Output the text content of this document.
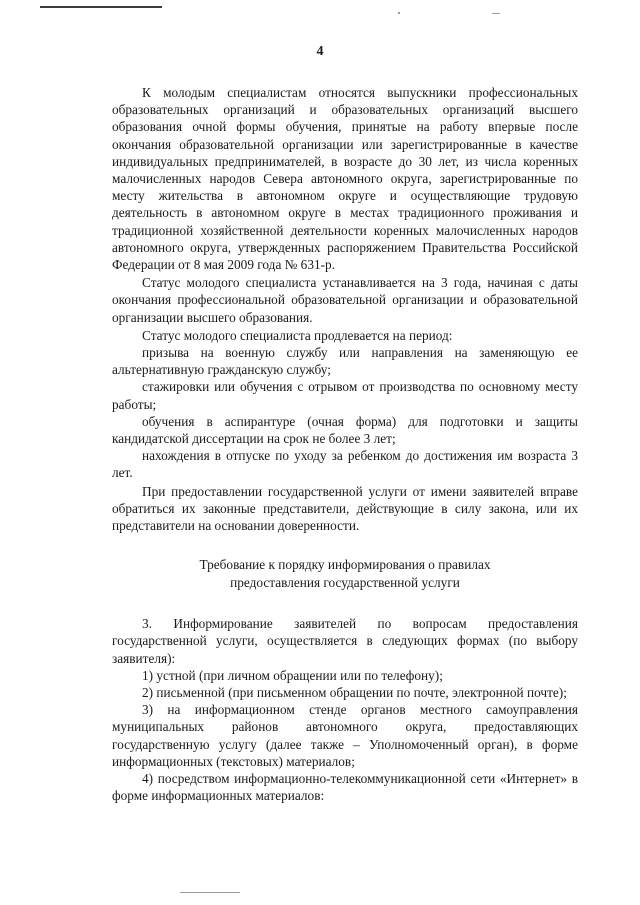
4

К молодым специалистам относятся выпускники профессиональных образовательных организаций и образовательных организаций высшего образования очной формы обучения, принятые на работу впервые после окончания образовательной организации или зарегистрированные в качестве индивидуальных предпринимателей, в возрасте до 30 лет, из числа коренных малочисленных народов Севера автономного округа, зарегистрированные по месту жительства в автономном округе и осуществляющие трудовую деятельность в автономном округе в местах традиционного проживания и традиционной хозяйственной деятельности коренных малочисленных народов автономного округа, утвержденных распоряжением Правительства Российской Федерации от 8 мая 2009 года № 631-р.

Статус молодого специалиста устанавливается на 3 года, начиная с даты окончания профессиональной образовательной организации и образовательной организации высшего образования.

Статус молодого специалиста продлевается на период:

призыва на военную службу или направления на заменяющую ее альтернативную гражданскую службу;

стажировки или обучения с отрывом от производства по основному месту работы;

обучения в аспирантуре (очная форма) для подготовки и защиты кандидатской диссертации на срок не более 3 лет;

нахождения в отпуске по уходу за ребенком до достижения им возраста 3 лет.

При предоставлении государственной услуги от имени заявителей вправе обратиться их законные представители, действующие в силу закона, или их представители на основании доверенности.

Требование к порядку информирования о правилах
предоставления государственной услуги

3. Информирование заявителей по вопросам предоставления государственной услуги, осуществляется в следующих формах (по выбору заявителя):

1) устной (при личном обращении или по телефону);

2) письменной (при письменном обращении по почте, электронной почте);

3) на информационном стенде органов местного самоуправления муниципальных районов автономного округа, предоставляющих государственную услугу (далее также – Уполномоченный орган), в форме информационных (текстовых) материалов;

4) посредством информационно-телекоммуникационной сети «Интернет» в форме информационных материалов:
